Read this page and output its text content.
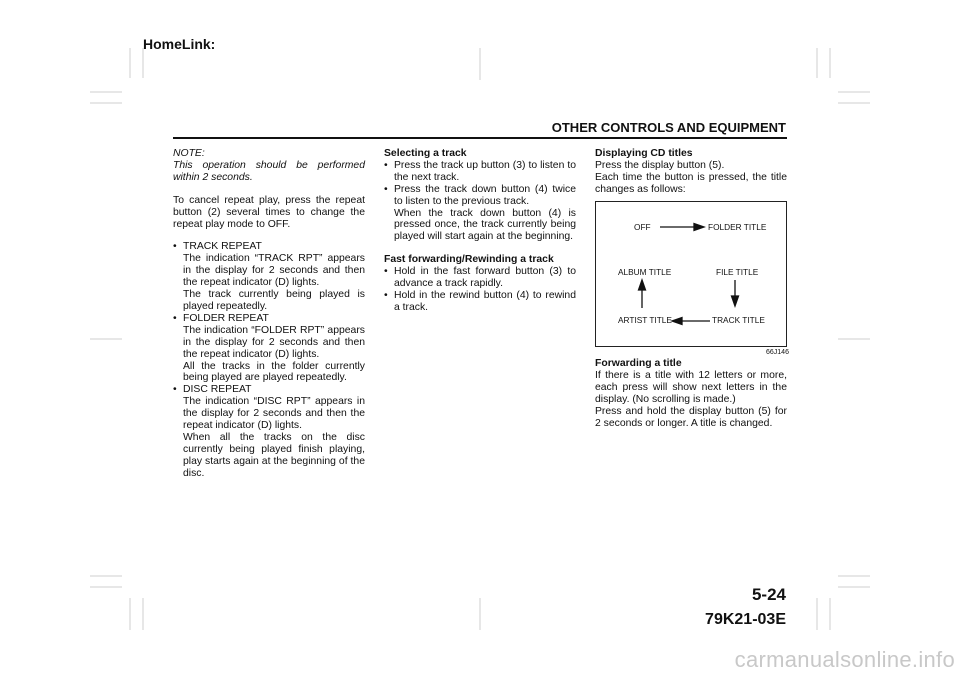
HomeLink:
OTHER CONTROLS AND EQUIPMENT

NOTE:

This operation should be performed within 2 seconds.

To cancel repeat play, press the repeat button (2) several times to change the repeat play mode to OFF.

• TRACK REPEAT

The indication “TRACK RPT” appears in the display for 2 seconds and then the repeat indicator (D) lights.

The track currently being played is played repeatedly.

• FOLDER REPEAT

The indication “FOLDER RPT” appears in the display for 2 seconds and then the repeat indicator (D) lights.

All the tracks in the folder currently being played are played repeatedly.

• DISC REPEAT

The indication “DISC RPT” appears in the display for 2 seconds and then the repeat indicator (D) lights.

When all the tracks on the disc currently being played finish playing, play starts again at the beginning of the disc.

Selecting a track

• Press the track up button (3) to listen to the next track.

• Press the track down button (4) twice to listen to the previous track.

When the track down button (4) is pressed once, the track currently being played will start again at the beginning.

Fast forwarding/Rewinding a track

• Hold in the fast forward button (3) to advance a track rapidly.

• Hold in the rewind button (4) to rewind a track.

Displaying CD titles

Press the display button (5).

Each time the button is pressed, the title changes as follows:

OFF	FOLDER TITLE
ALBUM TITLE	FILE TITLE
ARTIST TITLE	TRACK TITLE
66J146

Forwarding a title

If there is a title with 12 letters or more, each press will show next letters in the display. (No scrolling is made.)

Press and hold the display button (5) for 2 seconds or longer. A title is changed.

5-24
79K21-03E
carmanualsonline.info
